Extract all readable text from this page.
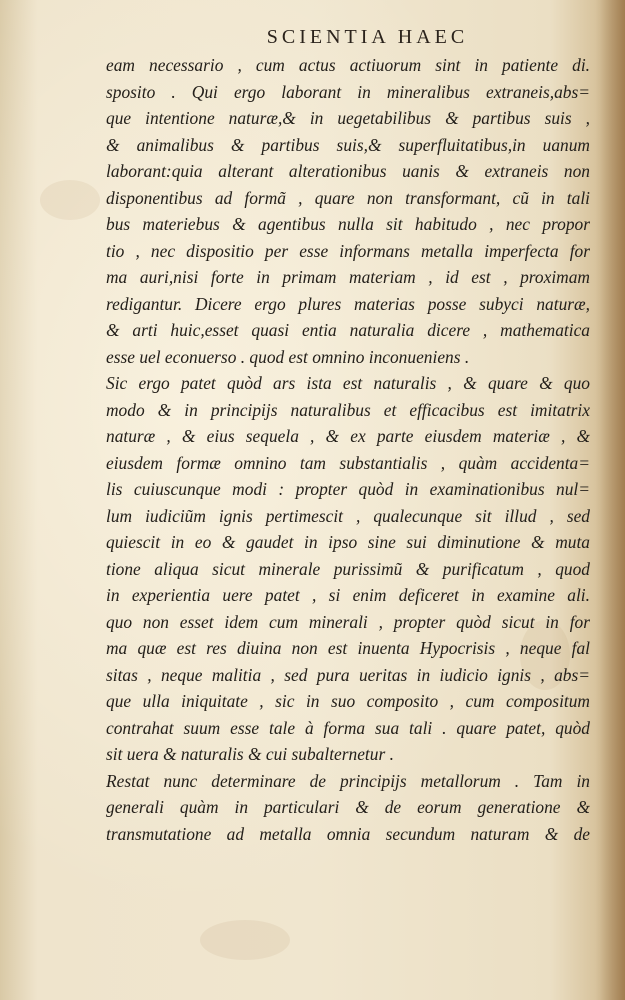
SCIENTIA HAEC
eam necessario , cum actus actiuorum sint in patiente di.
sposito . Qui ergo laborant in mineralibus extraneis,abs=
que intentione naturæ,& in uegetabilibus & partibus suis ,
& animalibus & partibus suis,& superfluitatibus,in uanum
laborant:quia alterant alterationibus uanis & extraneis non
disponentibus ad formã , quare non transformant, cũ in tali
bus materiebus & agentibus nulla sit habitudo , nec propor
tio , nec dispositio per esse informans metalla imperfecta for
ma auri,nisi forte in primam materiam , id est , proximam
redigantur. Dicere ergo plures materias posse subyci naturæ,
& arti huic,esset quasi entia naturalia dicere , mathematica
esse uel econuerso . quod est omnino inconueniens .
Sic ergo patet quòd ars ista est naturalis , & quare & quo
modo & in principijs naturalibus et efficacibus est imitatrix
naturæ , & eius sequela , & ex parte eiusdem materiæ , &
eiusdem formæ omnino tam substantialis , quàm accidenta=
lis cuiuscunque modi : propter quòd in examinationibus nul=
lum iudiciũm ignis pertimescit , qualecunque sit illud , sed
quiescit in eo & gaudet in ipso sine sui diminutione & muta
tione aliqua sicut minerale purissimũ & purificatum , quod
in experientia uere patet , si enim deficeret in examine ali.
quo non esset idem cum minerali , propter quòd sicut in for
ma quæ est res diuina non est inuenta Hypocrisis , neque fal
sitas , neque malitia , sed pura ueritas in iudicio ignis , abs=
que ulla iniquitate , sic in suo composito , cum compositum
contrahat suum esse tale à forma sua tali . quare patet, quòd
sit uera & naturalis & cui subalternetur .
Restat nunc determinare de principijs metallorum . Tam in
generali quàm in particulari & de eorum generatione &
transmutatione ad metalla omnia secundum naturam & de
